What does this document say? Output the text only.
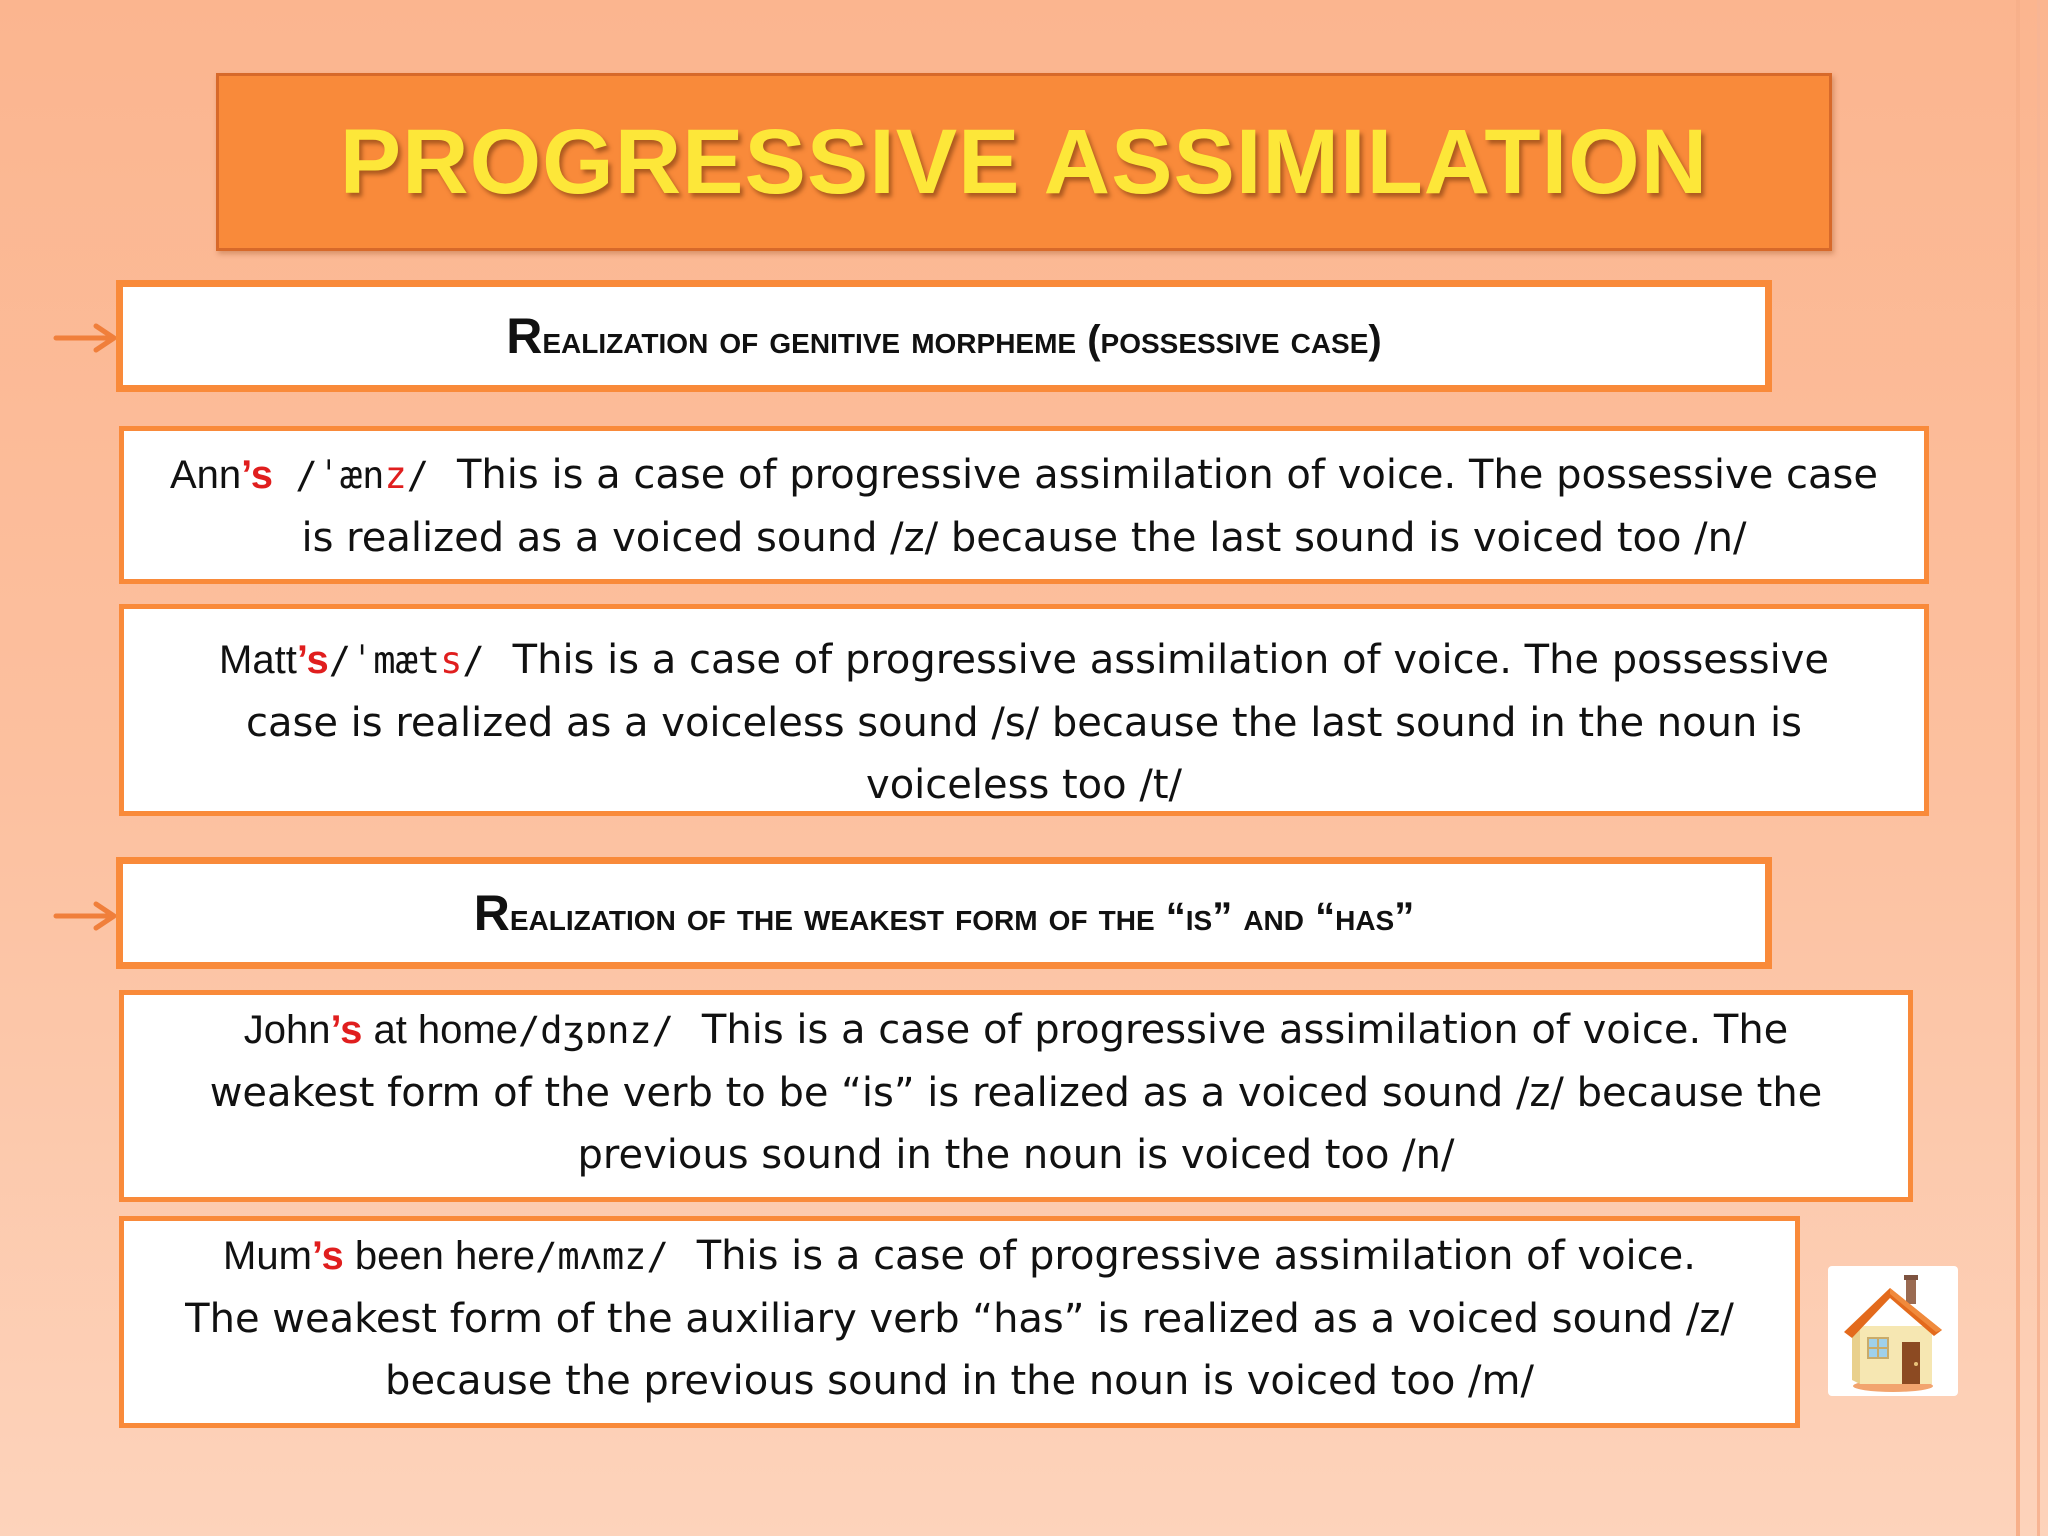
PROGRESSIVE ASSIMILATION
Realization of genitive morpheme (possessive case)
Ann’s /ˈænz/ This is a case of progressive assimilation of voice. The possessive case
is realized as a voiced sound /z/ because the last sound is voiced too /n/
Matt’s/ˈmæts/ This is a case of progressive assimilation of voice. The possessive
case is realized as a voiceless sound /s/ because the last sound in the noun is
voiceless too /t/
Realization of the weakest form of the “is” and “has”
John’s at home/dʒɒnz/ This is a case of progressive assimilation of voice. The
weakest form of the verb to be “is” is realized as a voiced sound /z/ because the
previous sound in the noun is voiced too /n/
Mum’s been here/mʌmz/ This is a case of progressive assimilation of voice.
The weakest form of the auxiliary verb “has” is realized as a voiced sound /z/
because the previous sound in the noun is voiced too /m/
